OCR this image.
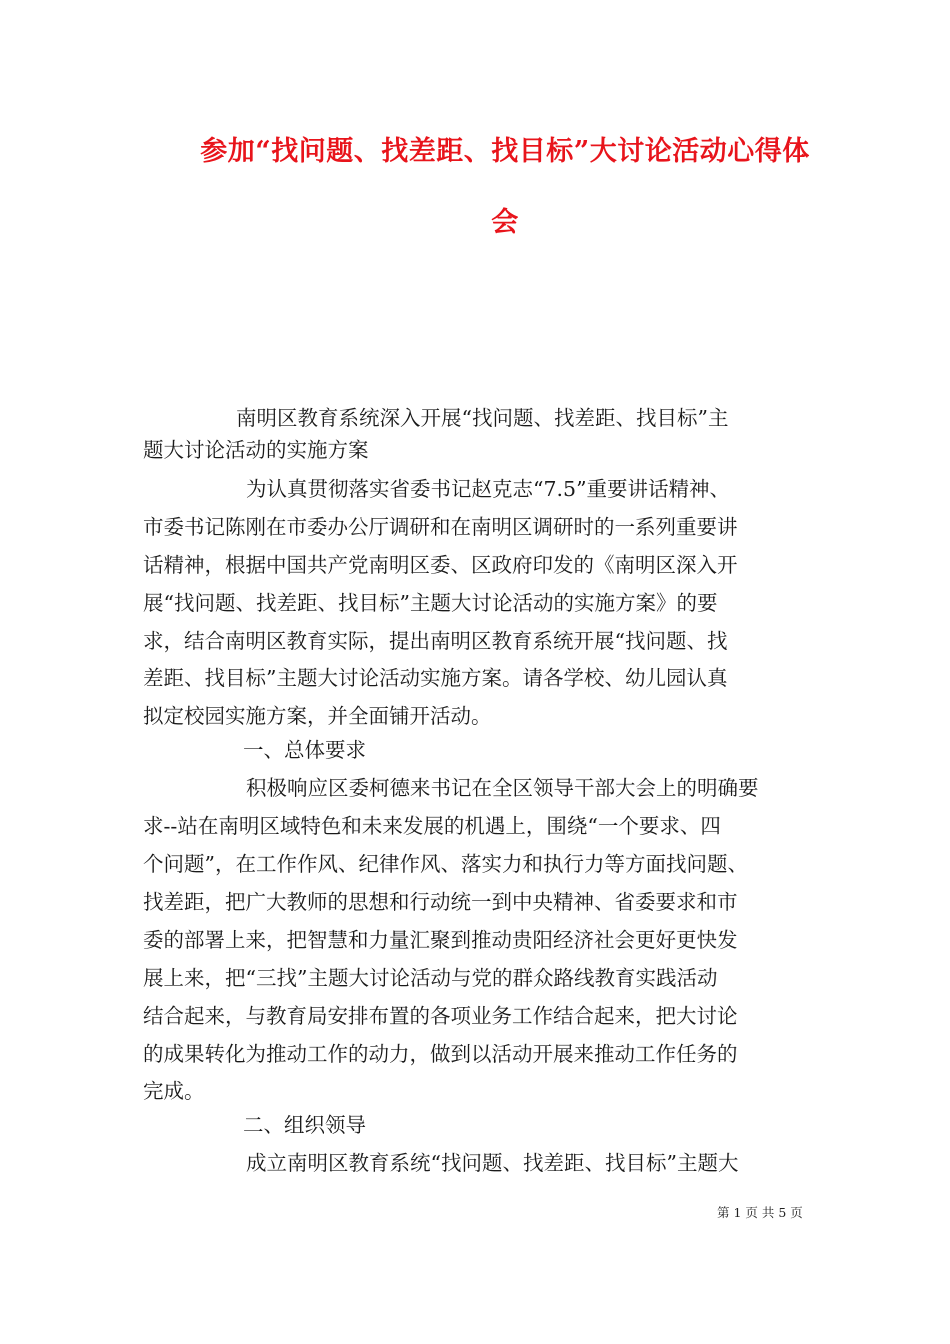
参加“找问题、找差距、找目标”大讨论活动心得体
会
南明区教育系统深入开展“找问题、找差距、找目标”主
题大讨论活动的实施方案
为认真贯彻落实省委书记赵克志“7.5”重要讲话精神、
市委书记陈刚在市委办公厅调研和在南明区调研时的一系列重要讲
话精神，根据中国共产党南明区委、区政府印发的《南明区深入开
展“找问题、找差距、找目标”主题大讨论活动的实施方案》的要
求，结合南明区教育实际，提出南明区教育系统开展“找问题、找
差距、找目标”主题大讨论活动实施方案。请各学校、幼儿园认真
拟定校园实施方案，并全面铺开活动。
一、总体要求
积极响应区委柯德来书记在全区领导干部大会上的明确要
求--站在南明区域特色和未来发展的机遇上，围绕“一个要求、四
个问题”，在工作作风、纪律作风、落实力和执行力等方面找问题、
找差距，把广大教师的思想和行动统一到中央精神、省委要求和市
委的部署上来，把智慧和力量汇聚到推动贵阳经济社会更好更快发
展上来，把“三找”主题大讨论活动与党的群众路线教育实践活动
结合起来，与教育局安排布置的各项业务工作结合起来，把大讨论
的成果转化为推动工作的动力，做到以活动开展来推动工作任务的
完成。
二、组织领导
成立南明区教育系统“找问题、找差距、找目标”主题大
第 1 页 共 5 页
